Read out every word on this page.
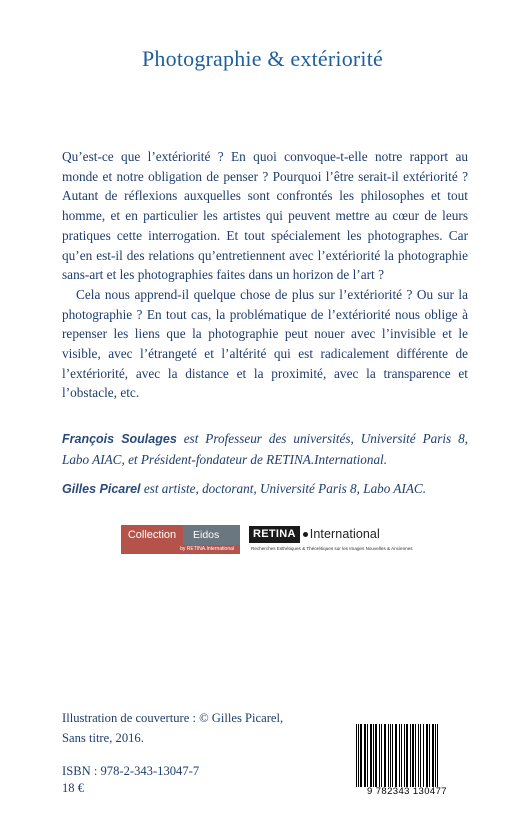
Photographie & extériorité

Qu’est-ce que l’extériorité ? En quoi convoque-t-elle notre rapport au monde et notre obligation de penser ? Pourquoi l’être serait-il extériorité ? Autant de réflexions auxquelles sont confrontés les philosophes et tout homme, et en particulier les artistes qui peuvent mettre au cœur de leurs pratiques cette interrogation. Et tout spécialement les photographes. Car qu’en est-il des relations qu’entretiennent avec l’extériorité la photographie sans-art et les photographies faites dans un horizon de l’art ?

Cela nous apprend-il quelque chose de plus sur l’extériorité ? Ou sur la photographie ? En tout cas, la problématique de l’extériorité nous oblige à repenser les liens que la photographie peut nouer avec l’invisible et le visible, avec l’étrangeté et l’altérité qui est radicalement différente de l’extériorité, avec la distance et la proximité, avec la transparence et l’obstacle, etc.

François Soulages est Professeur des universités, Université Paris 8, Labo AIAC, et Président-fondateur de RETINA.International.

Gilles Picarel est artiste, doctorant, Université Paris 8, Labo AIAC.

Collection	Eidos
by RETINA.International
RETINA	International
Recherches Esthétiques & Théorétiques sur les Images Nouvelles & Anciennes
Illustration de couverture : © Gilles Picarel,
Sans titre, 2016.
ISBN : 978-2-343-13047-7
18 €	9 782343 130477
